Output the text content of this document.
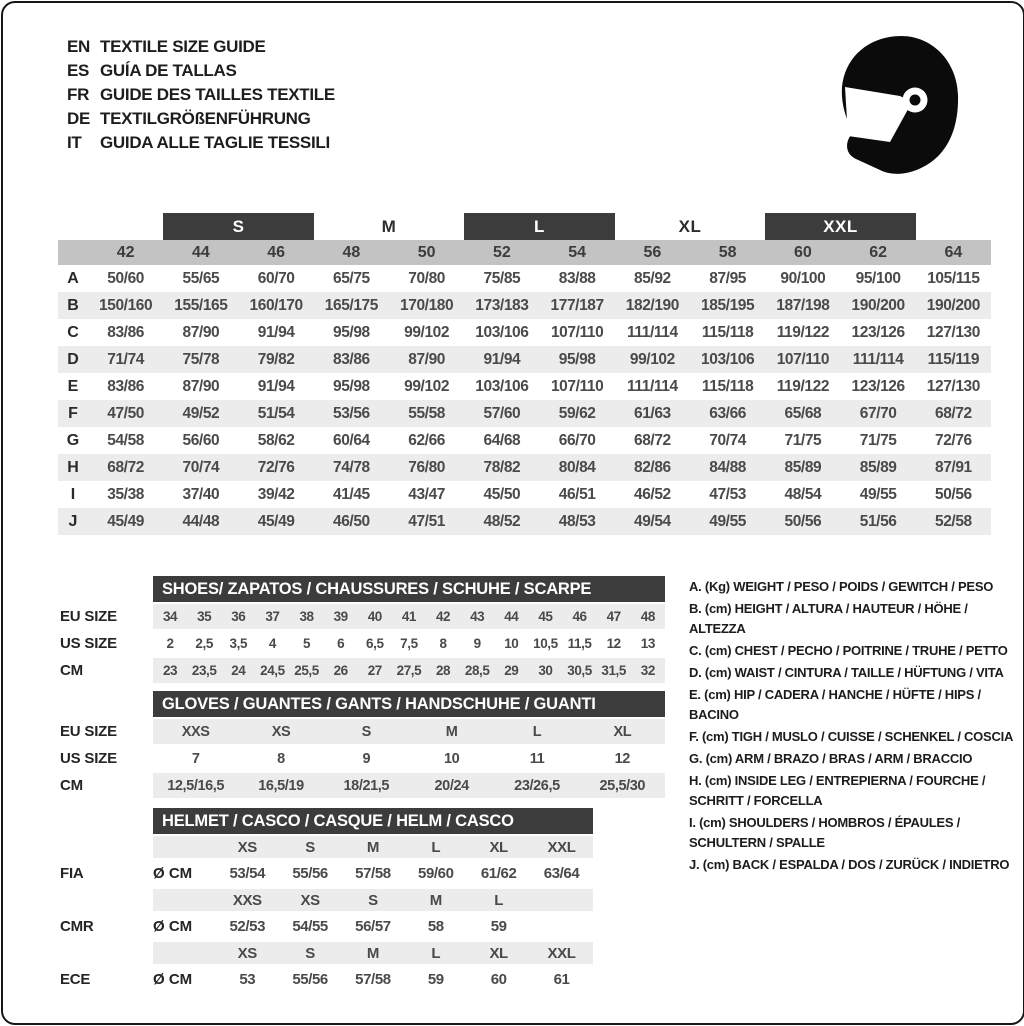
EN TEXTILE SIZE GUIDE
ES GUÍA DE TALLAS
FR GUIDE DES TAILLES TEXTILE
DE TEXTILGRÖßENFÜHRUNG
IT	GUIDA ALLE TAGLIE TESSILI
		S		M		L		XL		XXL		
	42	44	46	48	50	52	54	56	58	60	62	64
A	50/60	55/65	60/70	65/75	70/80	75/85	83/88	85/92	87/95	90/100	95/100	105/115
B	150/160	155/165	160/170	165/175	170/180	173/183	177/187	182/190	185/195	187/198	190/200	190/200
C	83/86	87/90	91/94	95/98	99/102	103/106	107/110	111/114	115/118	119/122	123/126	127/130
D	71/74	75/78	79/82	83/86	87/90	91/94	95/98	99/102	103/106	107/110	111/114	115/119
E	83/86	87/90	91/94	95/98	99/102	103/106	107/110	111/114	115/118	119/122	123/126	127/130
F	47/50	49/52	51/54	53/56	55/58	57/60	59/62	61/63	63/66	65/68	67/70	68/72
G	54/58	56/60	58/62	60/64	62/66	64/68	66/70	68/72	70/74	71/75	71/75	72/76
H	68/72	70/74	72/76	74/78	76/80	78/82	80/84	82/86	84/88	85/89	85/89	87/91
I	35/38	37/40	39/42	41/45	43/47	45/50	46/51	46/52	47/53	48/54	49/55	50/56
J	45/49	44/48	45/49	46/50	47/51	48/52	48/53	49/54	49/55	50/56	51/56	52/58
	SHOES/ ZAPATOS / CHAUSSURES / SCHUHE / SCARPE														
EU SIZE	34	35	36	37	38	39	40	41	42	43	44	45	46	47	48
US SIZE	2	2,5	3,5	4	5	6	6,5	7,5	8	9	10	10,5	11,5	12	13
CM	23	23,5	24	24,5	25,5	26	27	27,5	28	28,5	29	30	30,5	31,5	32
	GLOVES / GUANTES / GANTS / HANDSCHUHE / GUANTI					
EU SIZE	XXS	XS	S	M	L	XL
US SIZE	7	8	9	10	11	12
CM	12,5/16,5	16,5/19	18/21,5	20/24	23/26,5	25,5/30
	HELMET / CASCO / CASQUE / HELM / CASCO						
		XS	S	M	L	XL	XXL
FIA	Ø CM	53/54	55/56	57/58	59/60	61/62	63/64
		XXS	XS	S	M	L	
CMR	Ø CM	52/53	54/55	56/57	58	59	
		XS	S	M	L	XL	XXL
ECE	Ø CM	53	55/56	57/58	59	60	61
A. (Kg) WEIGHT / PESO / POIDS / GEWITCH / PESO
B. (cm) HEIGHT / ALTURA / HAUTEUR / HÖHE / ALTEZZA
C. (cm) CHEST / PECHO / POITRINE / TRUHE / PETTO
D. (cm) WAIST / CINTURA / TAILLE / HÜFTUNG / VITA
E. (cm) HIP / CADERA / HANCHE / HÜFTE / HIPS / BACINO
F. (cm) TIGH / MUSLO / CUISSE / SCHENKEL / COSCIA
G. (cm) ARM / BRAZO / BRAS / ARM / BRACCIO
H. (cm) INSIDE LEG / ENTREPIERNA / FOURCHE / SCHRITT / FORCELLA
I. (cm) SHOULDERS / HOMBROS / ÉPAULES / SCHULTERN / SPALLE
J. (cm) BACK / ESPALDA / DOS / ZURÜCK / INDIETRO
